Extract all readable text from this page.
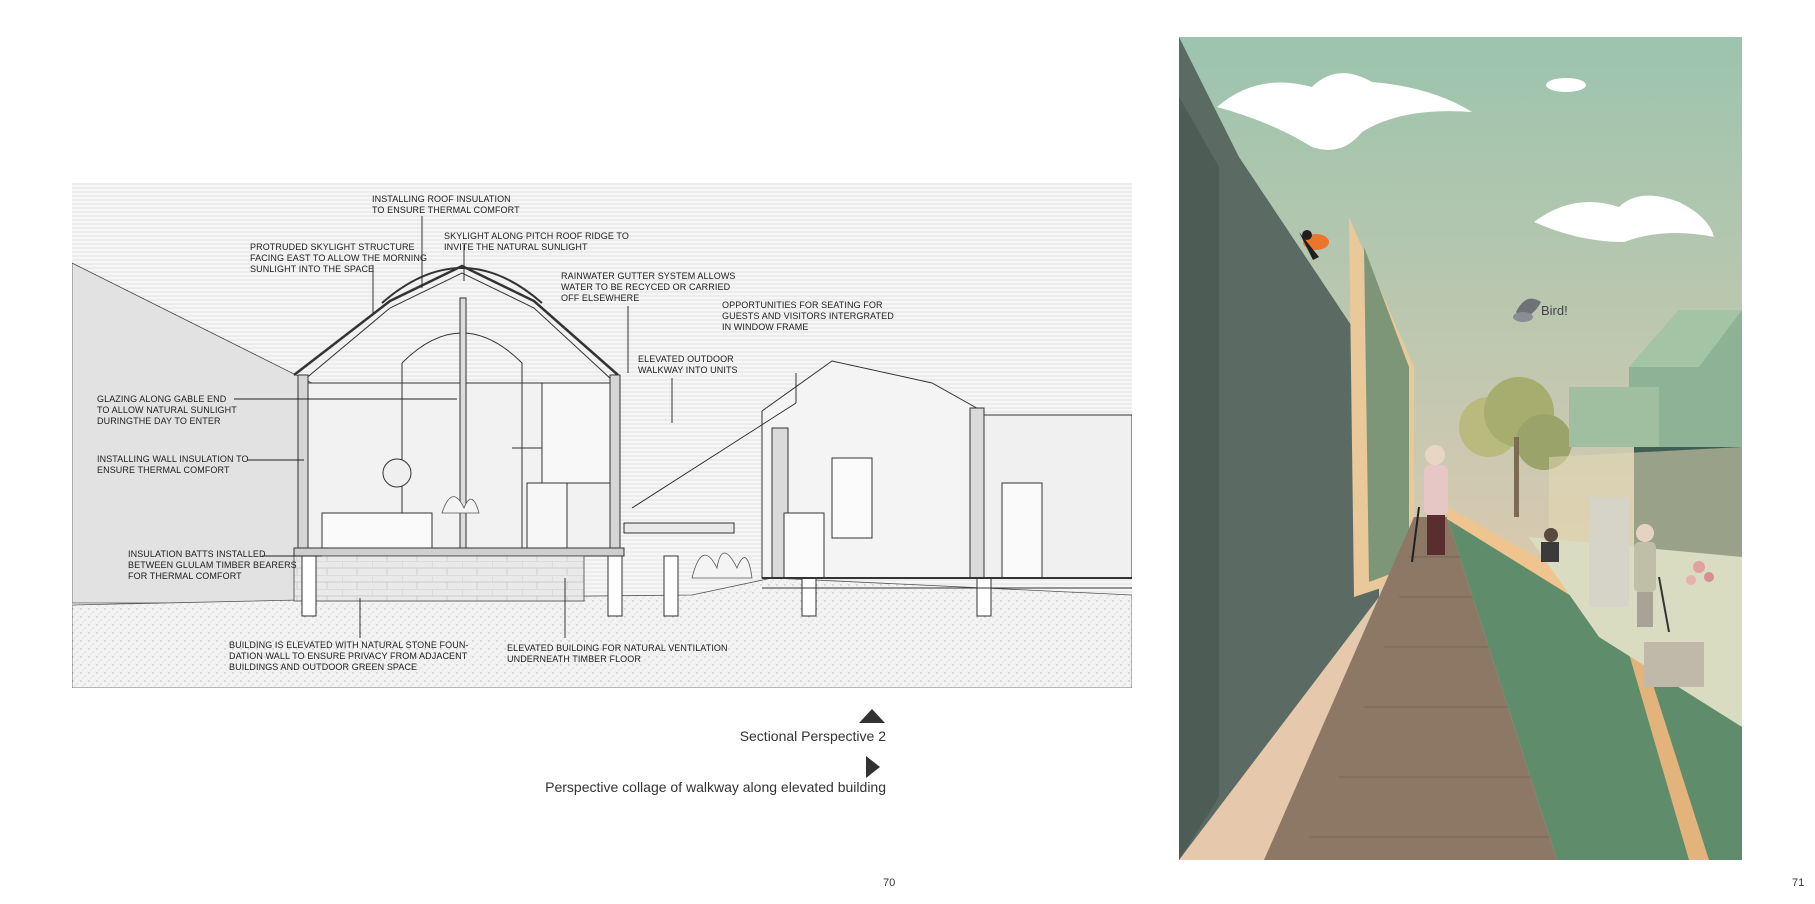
INSTALLING ROOF INSULATION
TO ENSURE THERMAL COMFORT
SKYLIGHT ALONG PITCH ROOF RIDGE TO
INVITE THE NATURAL SUNLIGHT
PROTRUDED SKYLIGHT STRUCTURE
FACING EAST TO ALLOW THE MORNING
SUNLIGHT INTO THE SPACE
RAINWATER GUTTER SYSTEM ALLOWS
WATER TO BE RECYCED OR CARRIED
OFF ELSEWHERE
OPPORTUNITIES FOR SEATING FOR
GUESTS AND VISITORS INTERGRATED
IN WINDOW FRAME
ELEVATED OUTDOOR
WALKWAY INTO UNITS
GLAZING ALONG GABLE END
TO ALLOW NATURAL SUNLIGHT
DURINGTHE DAY TO ENTER
INSTALLING WALL INSULATION TO
ENSURE THERMAL COMFORT
INSULATION BATTS INSTALLED
BETWEEN GLULAM TIMBER BEARERS
FOR THERMAL COMFORT
BUILDING IS ELEVATED WITH NATURAL STONE FOUN-
DATION WALL TO ENSURE PRIVACY FROM ADJACENT
BUILDINGS AND OUTDOOR GREEN SPACE
ELEVATED BUILDING FOR NATURAL VENTILATION
UNDERNEATH TIMBER FLOOR
Sectional Perspective 2
Perspective collage of walkway along elevated building
70	71
Bird!
